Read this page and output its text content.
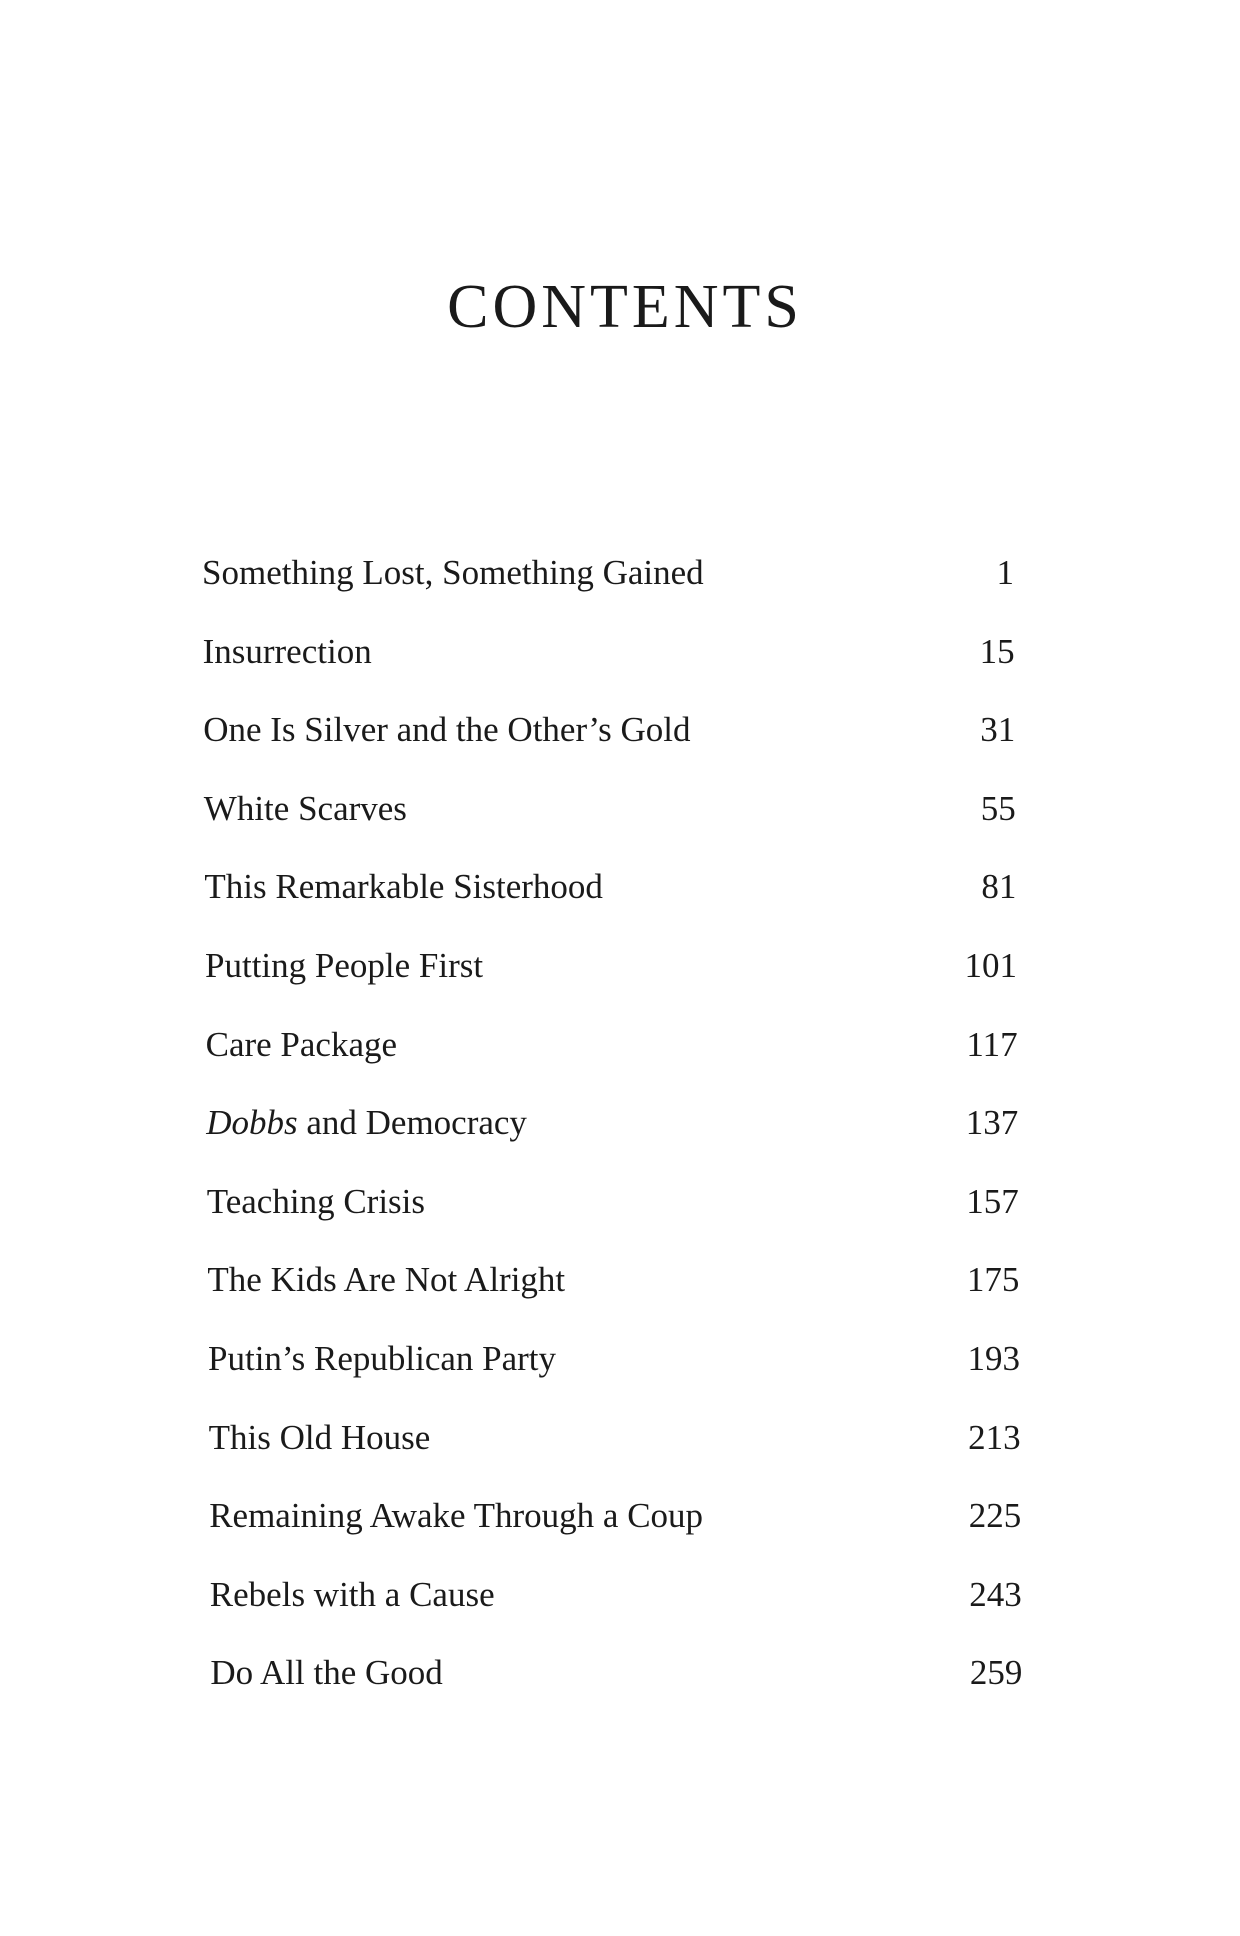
CONTENTS
Something Lost, Something Gained	1
Insurrection	15
One Is Silver and the Other’s Gold	31
White Scarves	55
This Remarkable Sisterhood	81
Putting People First	101
Care Package	117
Dobbs and Democracy	137
Teaching Crisis	157
The Kids Are Not Alright	175
Putin’s Republican Party	193
This Old House	213
Remaining Awake Through a Coup	225
Rebels with a Cause	243
Do All the Good	259
